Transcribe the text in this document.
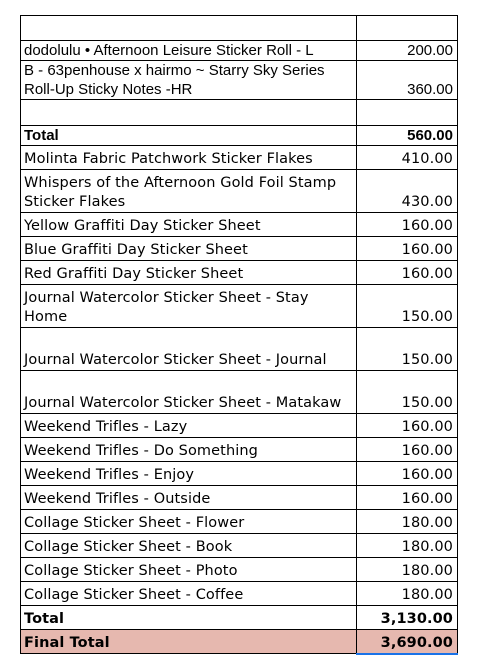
dodolulu • Afternoon Leisure Sticker Roll - L	200.00
B - 63penhouse x hairmo ~ Starry Sky Series Roll-Up Sticky Notes -HR	360.00

Total	560.00
Molinta Fabric Patchwork Sticker Flakes	410.00
Whispers of the Afternoon Gold Foil Stamp Sticker Flakes	430.00
Yellow Graffiti Day Sticker Sheet	160.00
Blue Graffiti Day Sticker Sheet	160.00
Red Graffiti Day Sticker Sheet	160.00
Journal Watercolor Sticker Sheet - Stay Home	150.00
Journal Watercolor Sticker Sheet - Journal	150.00
Journal Watercolor Sticker Sheet - Matakaw	150.00
Weekend Trifles - Lazy	160.00
Weekend Trifles - Do Something	160.00
Weekend Trifles - Enjoy	160.00
Weekend Trifles - Outside	160.00
Collage Sticker Sheet - Flower	180.00
Collage Sticker Sheet - Book	180.00
Collage Sticker Sheet - Photo	180.00
Collage Sticker Sheet - Coffee	180.00
Total	3,130.00
Final Total	3,690.00
